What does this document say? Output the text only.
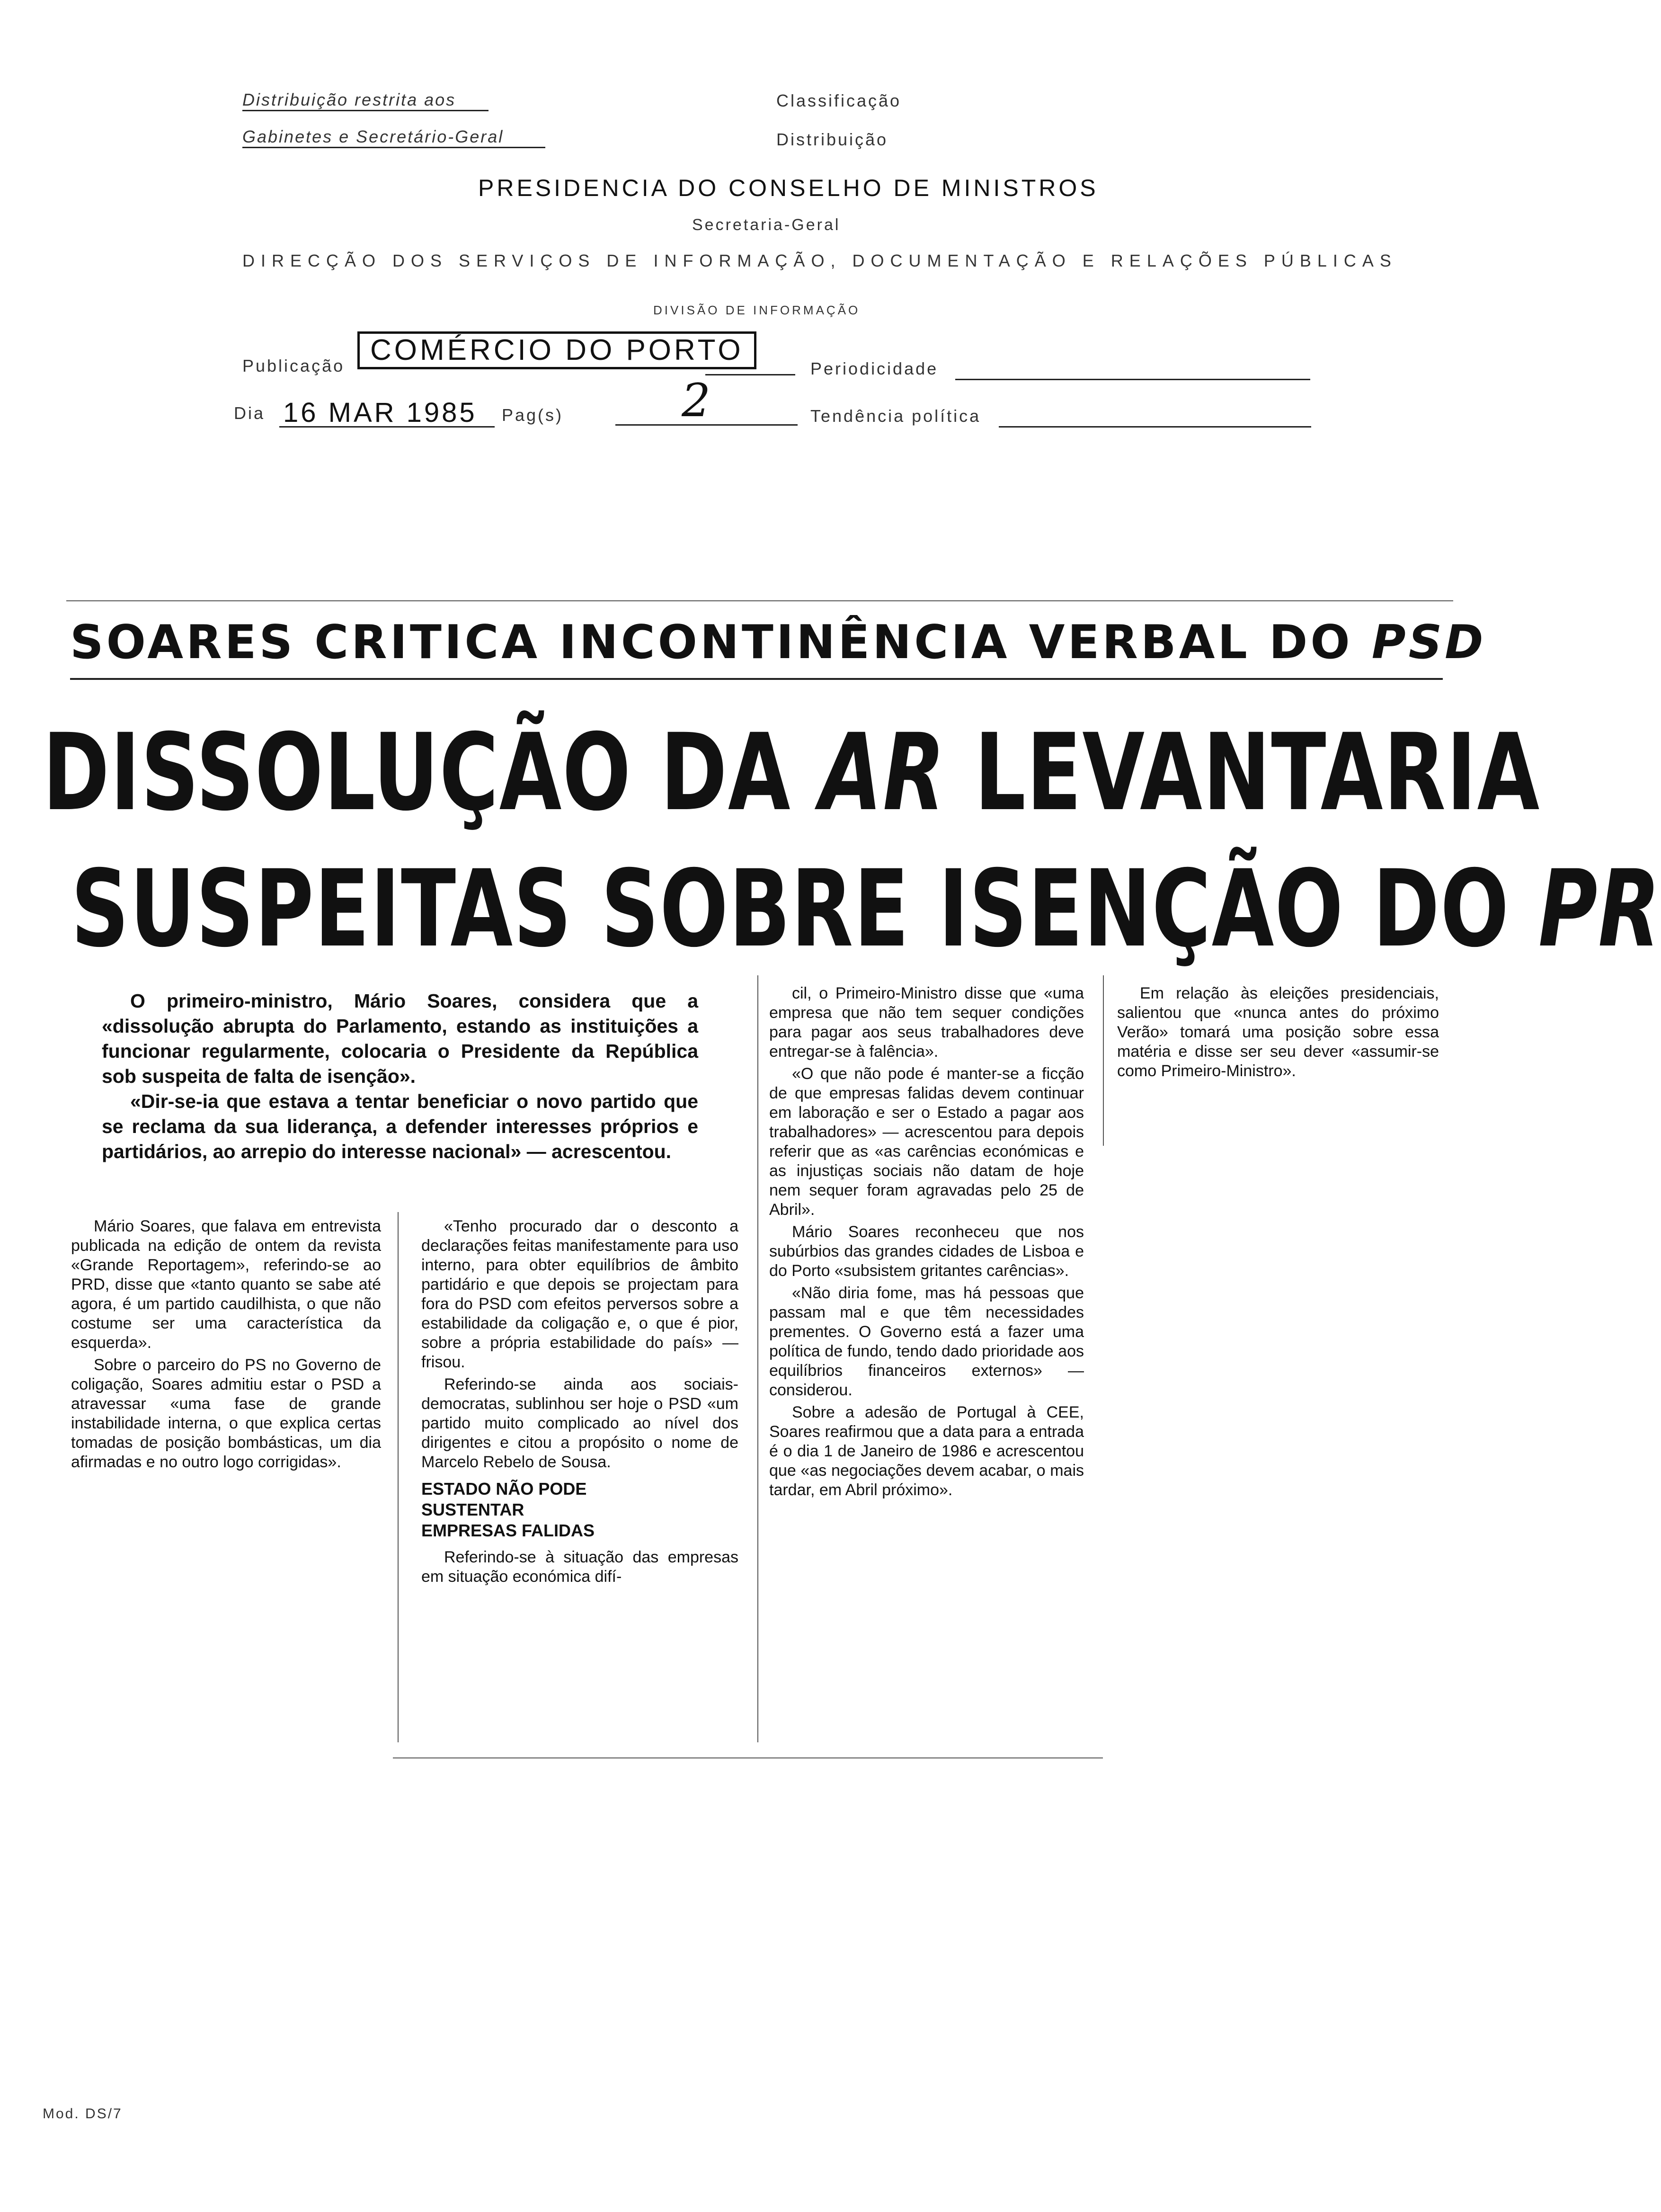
Distribuição restrita aos
Gabinetes e Secretário-Geral
Classificação
Distribuição
PRESIDENCIA DO CONSELHO DE MINISTROS
Secretaria-Geral
DIRECÇÃO DOS SERVIÇOS DE INFORMAÇÃO, DOCUMENTAÇÃO E RELAÇÕES PÚBLICAS
DIVISÃO DE INFORMAÇÃO
Publicação COMÉRCIO DO PORTO
Periodicidade
Dia 16 MAR 1985 Pag(s)	2	Tendência política
SOARES CRITICA INCONTINÊNCIA VERBAL DO PSD
DISSOLUÇÃO DA AR LEVANTARIA
SUSPEITAS SOBRE ISENÇÃO DO PR

O primeiro-ministro, Mário Soares, considera que a «dissolução abrupta do Parlamento, estando as instituições a funcionar regularmente, colocaria o Presidente da República sob suspeita de falta de isenção».

«Dir-se-ia que estava a tentar beneficiar o novo partido que se reclama da sua liderança, a defender interesses próprios e partidários, ao arrepio do interesse nacional» — acrescentou.

Mário Soares, que falava em entrevista publicada na edição de ontem da revista «Grande Reportagem», referindo-se ao PRD, disse que «tanto quanto se sabe até agora, é um partido caudilhista, o que não costume ser uma característica da esquerda».

Sobre o parceiro do PS no Governo de coligação, Soares admitiu estar o PSD a atravessar «uma fase de grande instabilidade interna, o que explica certas tomadas de posição bombásticas, um dia afirmadas e no outro logo corrigidas».

«Tenho procurado dar o desconto a declarações feitas manifestamente para uso interno, para obter equilíbrios de âmbito partidário e que depois se projectam para fora do PSD com efeitos perversos sobre a estabilidade da coligação e, o que é pior, sobre a própria estabilidade do país» — frisou.

Referindo-se ainda aos sociais-democratas, sublinhou ser hoje o PSD «um partido muito complicado ao nível dos dirigentes e citou a propósito o nome de Marcelo Rebelo de Sousa.

ESTADO NÃO PODE
SUSTENTAR
EMPRESAS FALIDAS

Referindo-se à situação das empresas em situação económica difí-

cil, o Primeiro-Ministro disse que «uma empresa que não tem sequer condições para pagar aos seus trabalhadores deve entregar-se à falência».

«O que não pode é manter-se a ficção de que empresas falidas devem continuar em laboração e ser o Estado a pagar aos trabalhadores» — acrescentou para depois referir que as «as carências económicas e as injustiças sociais não datam de hoje nem sequer foram agravadas pelo 25 de Abril».

Mário Soares reconheceu que nos subúrbios das grandes cidades de Lisboa e do Porto «subsistem gritantes carências».

«Não diria fome, mas há pessoas que passam mal e que têm necessidades prementes. O Governo está a fazer uma política de fundo, tendo dado prioridade aos equilíbrios financeiros externos» — considerou.

Sobre a adesão de Portugal à CEE, Soares reafirmou que a data para a entrada é o dia 1 de Janeiro de 1986 e acrescentou que «as negociações devem acabar, o mais tardar, em Abril próximo».

Em relação às eleições presidenciais, salientou que «nunca antes do próximo Verão» tomará uma posição sobre essa matéria e disse ser seu dever «assumir-se como Primeiro-Ministro».

Mod. DS/7
